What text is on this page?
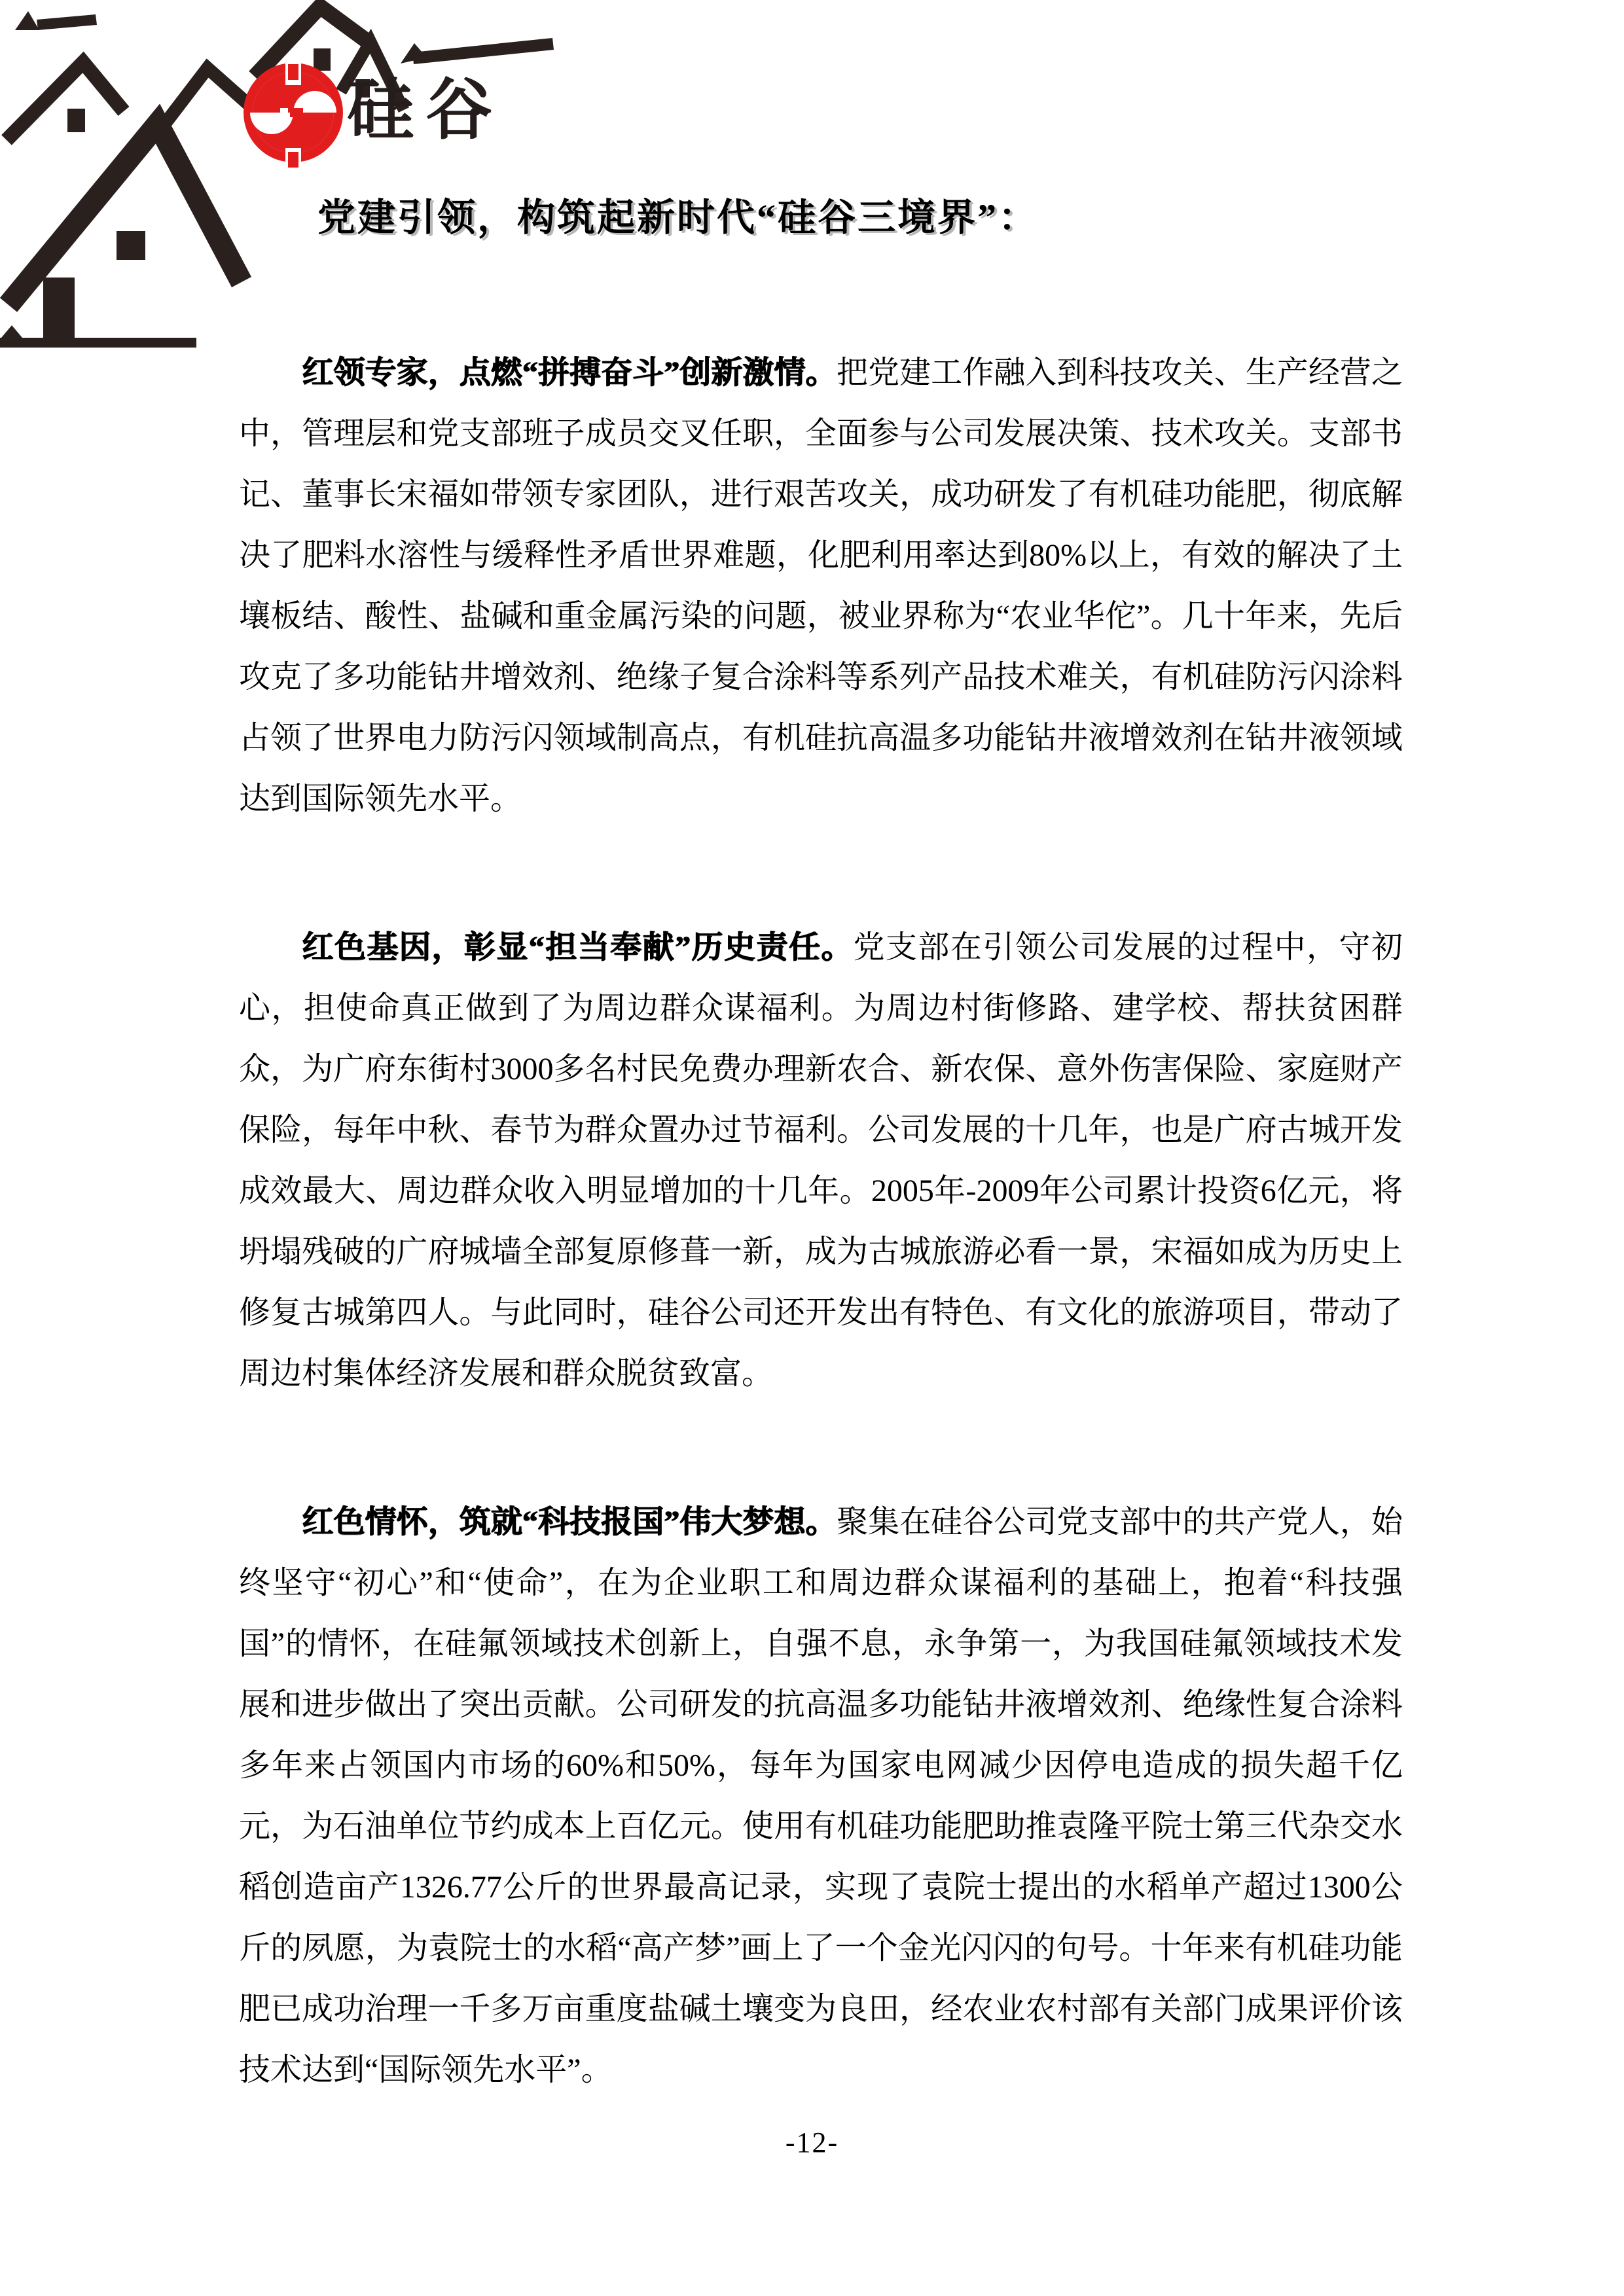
硅谷
党建引领，构筑起新时代“硅谷三境界”：

红领专家，点燃“拼搏奋斗”创新激情。把党建工作融入到科技攻关、生产经营之中，管理层和党支部班子成员交叉任职，全面参与公司发展决策、技术攻关。支部书记、董事长宋福如带领专家团队，进行艰苦攻关，成功研发了有机硅功能肥，彻底解决了肥料水溶性与缓释性矛盾世界难题，化肥利用率达到80%以上，有效的解决了土壤板结、酸性、盐碱和重金属污染的问题，被业界称为“农业华佗”。几十年来，先后攻克了多功能钻井增效剂、绝缘子复合涂料等系列产品技术难关，有机硅防污闪涂料占领了世界电力防污闪领域制高点，有机硅抗高温多功能钻井液增效剂在钻井液领域达到国际领先水平。

红色基因，彰显“担当奉献”历史责任。党支部在引领公司发展的过程中，守初心，担使命真正做到了为周边群众谋福利。为周边村街修路、建学校、帮扶贫困群众，为广府东街村3000多名村民免费办理新农合、新农保、意外伤害保险、家庭财产保险，每年中秋、春节为群众置办过节福利。公司发展的十几年，也是广府古城开发成效最大、周边群众收入明显增加的十几年。2005年-2009年公司累计投资6亿元，将坍塌残破的广府城墙全部复原修葺一新，成为古城旅游必看一景，宋福如成为历史上修复古城第四人。与此同时，硅谷公司还开发出有特色、有文化的旅游项目，带动了周边村集体经济发展和群众脱贫致富。

红色情怀，筑就“科技报国”伟大梦想。聚集在硅谷公司党支部中的共产党人，始终坚守“初心”和“使命”，在为企业职工和周边群众谋福利的基础上，抱着“科技强国”的情怀，在硅氟领域技术创新上，自强不息，永争第一，为我国硅氟领域技术发展和进步做出了突出贡献。公司研发的抗高温多功能钻井液增效剂、绝缘性复合涂料多年来占领国内市场的60%和50%，每年为国家电网减少因停电造成的损失超千亿元，为石油单位节约成本上百亿元。使用有机硅功能肥助推袁隆平院士第三代杂交水稻创造亩产1326.77公斤的世界最高记录，实现了袁院士提出的水稻单产超过1300公斤的夙愿，为袁院士的水稻“高产梦”画上了一个金光闪闪的句号。十年来有机硅功能肥已成功治理一千多万亩重度盐碱土壤变为良田，经农业农村部有关部门成果评价该技术达到“国际领先水平”。

-12-
